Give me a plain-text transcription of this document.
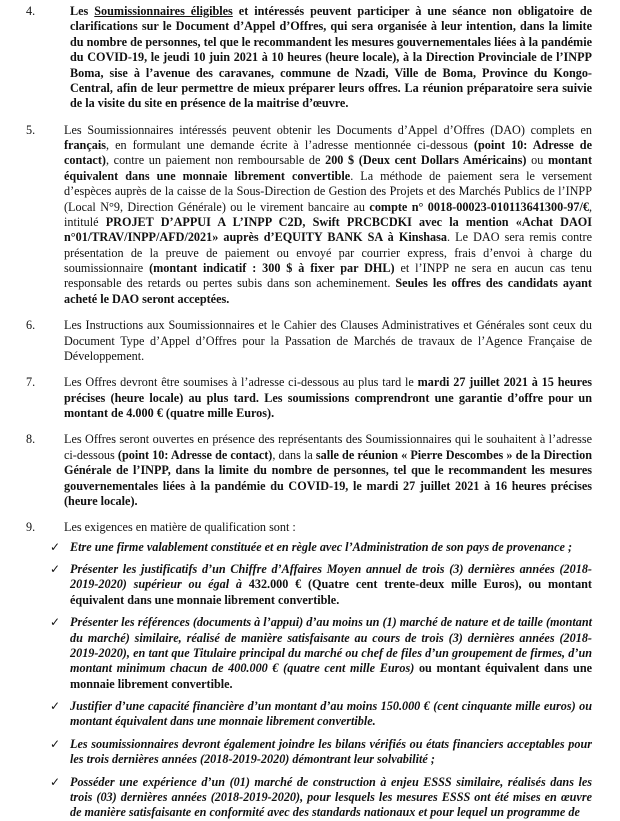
4.	Les Soumissionnaires éligibles et intéressés peuvent participer à une séance non obligatoire de clarifications sur le Document d’Appel d’Offres, qui sera organisée à leur intention, dans la limite du nombre de personnes, tel que le recommandent les mesures gouvernementales liées à la pandémie du COVID-19, le jeudi 10 juin 2021 à 10 heures (heure locale), à la Direction Provinciale de l’INPP Boma, sise à l’avenue des caravanes, commune de Nzadi, Ville de Boma, Province du Kongo-Central, afin de leur permettre de mieux préparer leurs offres. La réunion préparatoire sera suivie de la visite du site en présence de la maitrise d’œuvre.
5. Les Soumissionnaires intéressés peuvent obtenir les Documents d’Appel d’Offres (DAO) complets en français, en formulant une demande écrite à l’adresse mentionnée ci-dessous (point 10: Adresse de contact), contre un paiement non remboursable de 200 $ (Deux cent Dollars Américains) ou montant équivalent dans une monnaie librement convertible. La méthode de paiement sera le versement d’espèces auprès de la caisse de la Sous-Direction de Gestion des Projets et des Marchés Publics de l’INPP (Local N°9, Direction Générale) ou le virement bancaire au compte n° 0018-00023-010113641300-97/€, intitulé PROJET D’APPUI A L’INPP C2D, Swift PRCBCDKI avec la mention «Achat DAOI n°01/TRAV/INPP/AFD/2021» auprès d’EQUITY BANK SA à Kinshasa. Le DAO sera remis contre présentation de la preuve de paiement ou envoyé par courrier express, frais d’envoi à charge du soumissionnaire (montant indicatif : 300 $ à fixer par DHL) et l’INPP ne sera en aucun cas tenu responsable des retards ou pertes subis dans son acheminement. Seules les offres des candidats ayant acheté le DAO seront acceptées.
6. Les Instructions aux Soumissionnaires et le Cahier des Clauses Administratives et Générales sont ceux du Document Type d’Appel d’Offres pour la Passation de Marchés de travaux de l’Agence Française de Développement.
7. Les Offres devront être soumises à l’adresse ci-dessous au plus tard le mardi 27 juillet 2021 à 15 heures précises (heure locale) au plus tard. Les soumissions comprendront une garantie d’offre pour un montant de 4.000 € (quatre mille Euros).
8. Les Offres seront ouvertes en présence des représentants des Soumissionnaires qui le souhaitent à l’adresse ci-dessous (point 10: Adresse de contact), dans la salle de réunion « Pierre Descombes » de la Direction Générale de l’INPP, dans la limite du nombre de personnes, tel que le recommandent les mesures gouvernementales liées à la pandémie du COVID-19, le mardi 27 juillet 2021 à 16 heures précises (heure locale).
9. Les exigences en matière de qualification sont :
✓ Etre une firme valablement constituée et en règle avec l’Administration de son pays de provenance ;
✓ Présenter les justificatifs d’un Chiffre d’Affaires Moyen annuel de trois (3) dernières années (2018-2019-2020) supérieur ou égal à 432.000 € (Quatre cent trente-deux mille Euros), ou montant équivalent dans une monnaie librement convertible.
✓ Présenter les références (documents à l’appui) d’au moins un (1) marché de nature et de taille (montant du marché) similaire, réalisé de manière satisfaisante au cours de trois (3) dernières années (2018-2019-2020), en tant que Titulaire principal du marché ou chef de files d’un groupement de firmes, d’un montant minimum chacun de 400.000 € (quatre cent mille Euros) ou montant équivalent dans une monnaie librement convertible.
✓ Justifier d’une capacité financière d’un montant d’au moins 150.000 € (cent cinquante mille euros) ou montant équivalent dans une monnaie librement convertible.
✓ Les soumissionnaires devront également joindre les bilans vérifiés ou états financiers acceptables pour les trois dernières années (2018-2019-2020) démontrant leur solvabilité ;
✓ Posséder une expérience d’un (01) marché de construction à enjeu ESSS similaire, réalisés dans les trois (03) dernières années (2018-2019-2020), pour lesquels les mesures ESSS ont été mises en œuvre de manière satisfaisante en conformité avec des standards nationaux et pour lequel un programme de
